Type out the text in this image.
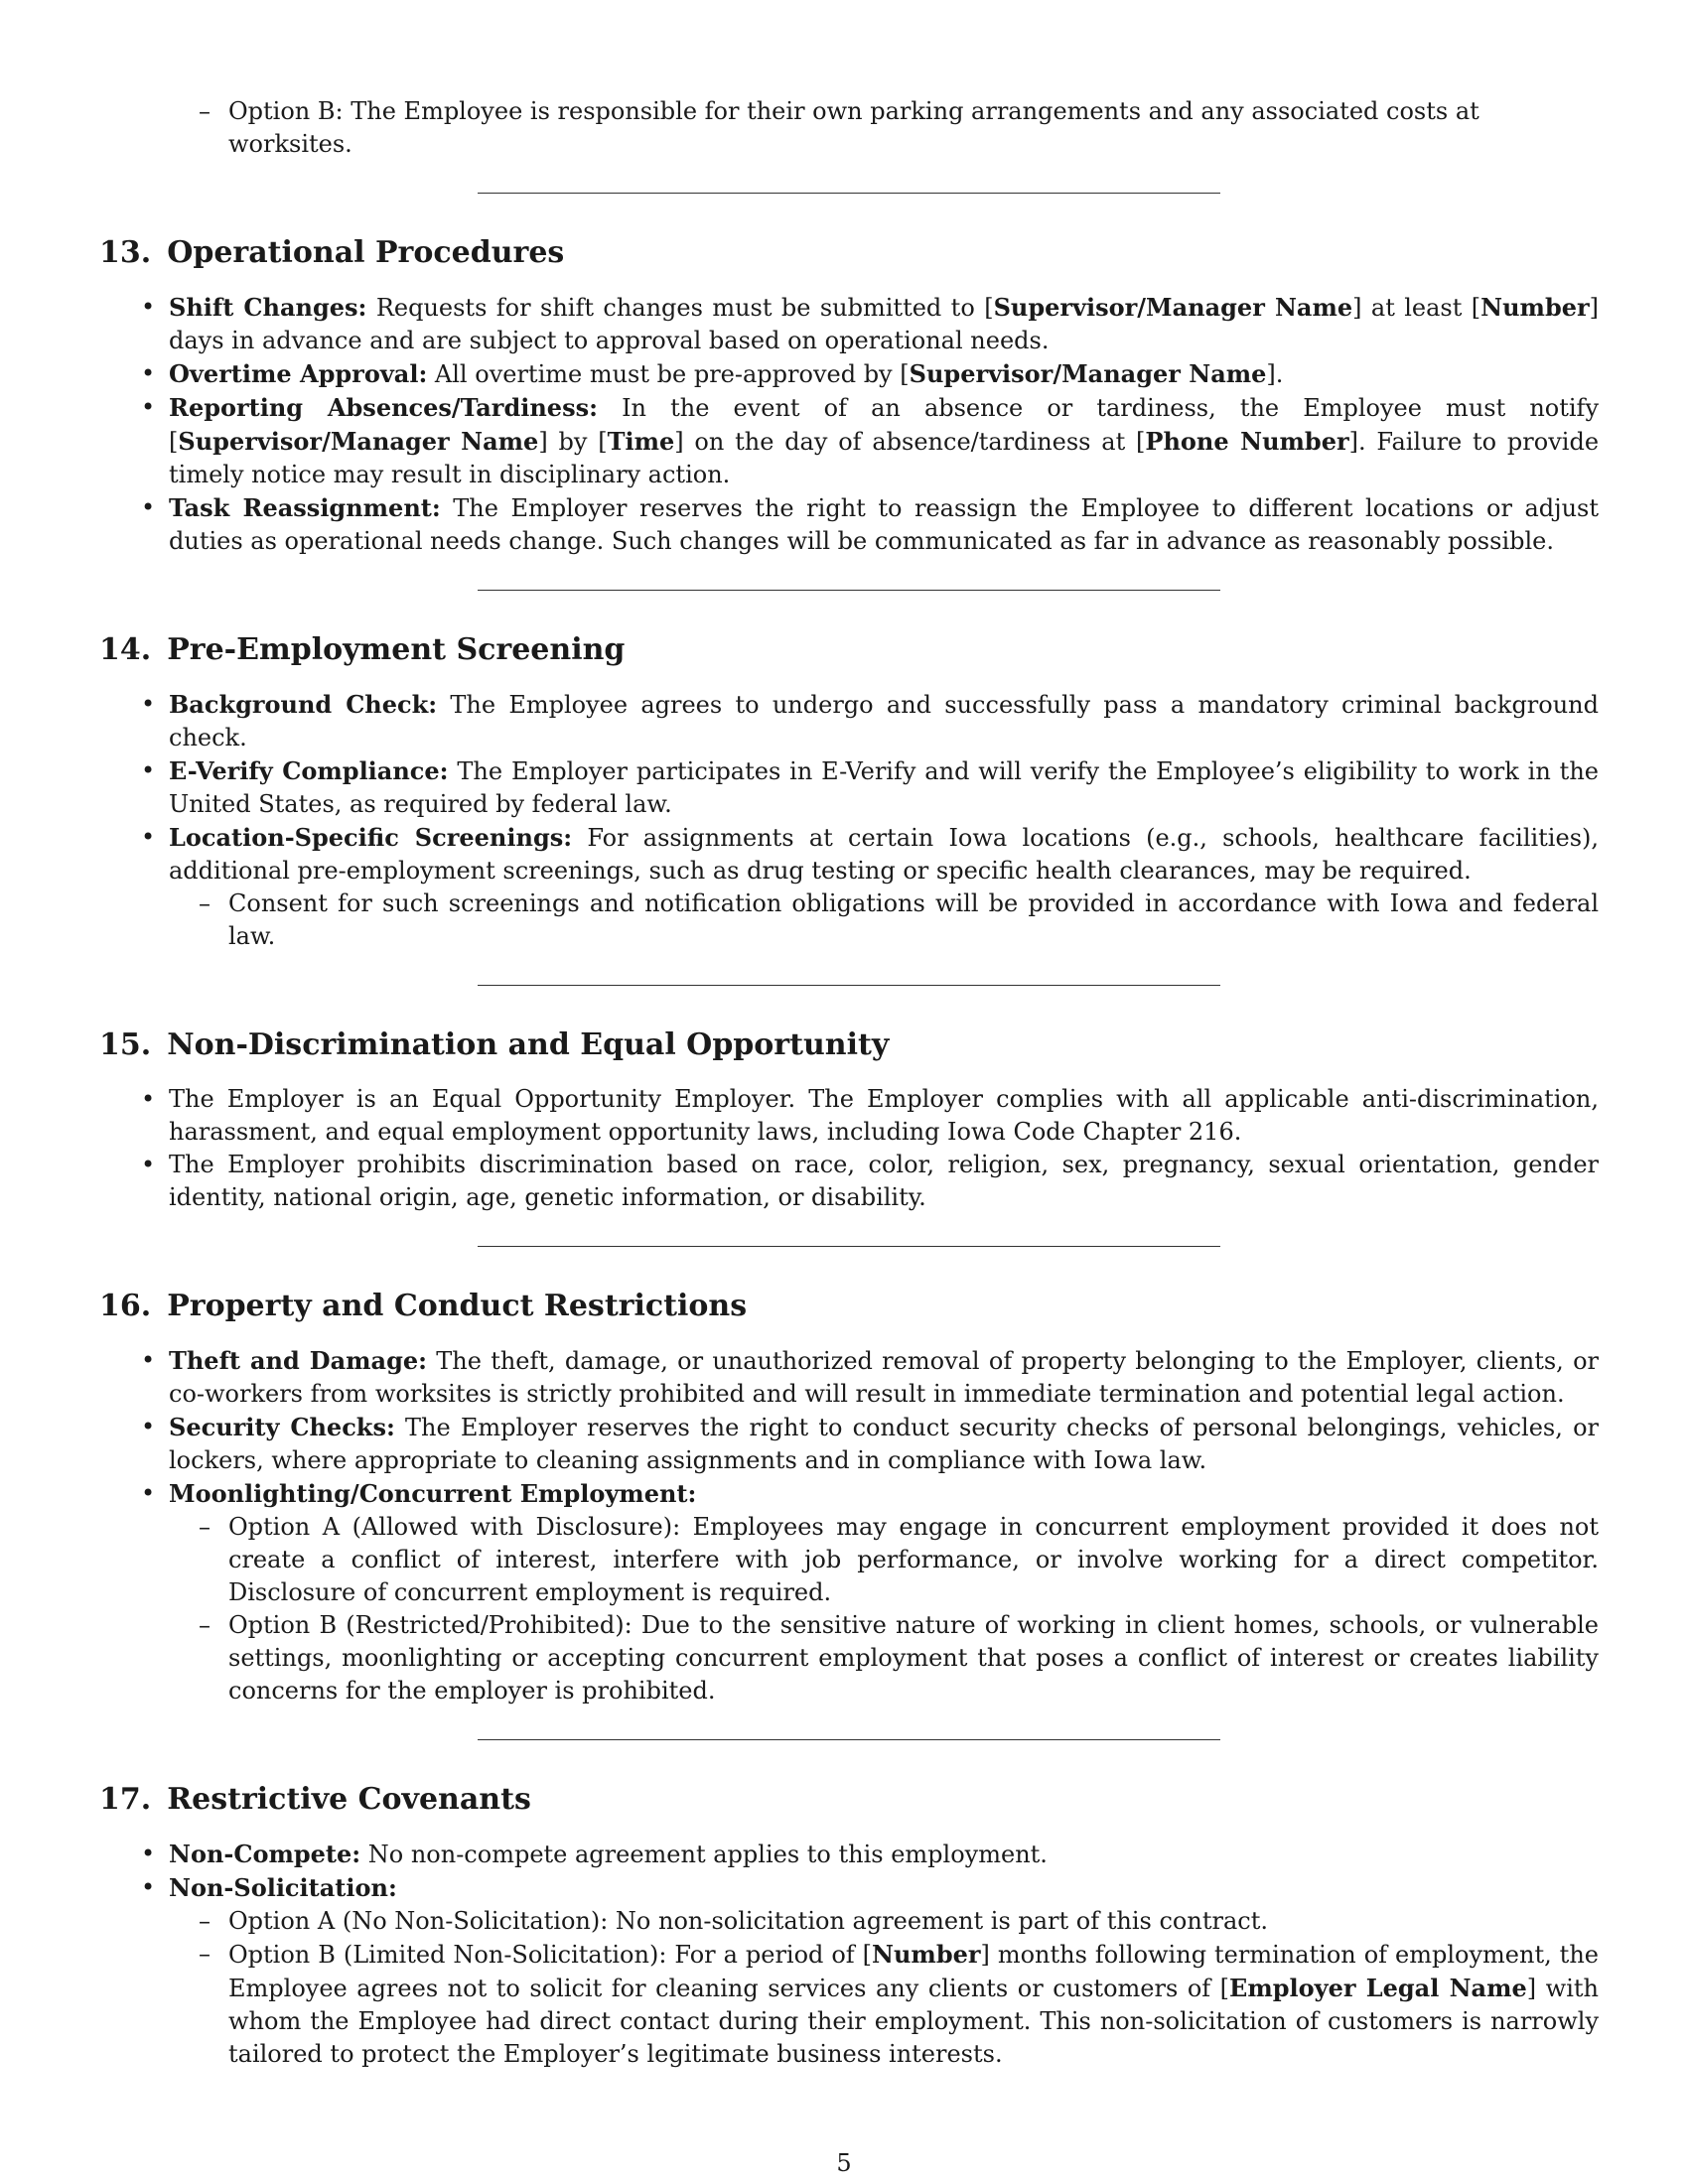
– Option B: The Employee is responsible for their own parking arrangements and any associated costs at worksites.
13. Operational Procedures
• Shift Changes: Requests for shift changes must be submitted to [Supervisor/Manager Name] at least [Number] days in advance and are subject to approval based on operational needs.
• Overtime Approval: All overtime must be pre-approved by [Supervisor/Manager Name].
• Reporting Absences/Tardiness: In the event of an absence or tardiness, the Employee must notify [Supervisor/Manager Name] by [Time] on the day of absence/tardiness at [Phone Number]. Failure to provide timely notice may result in disciplinary action.
• Task Reassignment: The Employer reserves the right to reassign the Employee to different locations or adjust duties as operational needs change. Such changes will be communicated as far in advance as reasonably possible.
14. Pre-Employment Screening
• Background Check: The Employee agrees to undergo and successfully pass a mandatory criminal background check.
• E-Verify Compliance: The Employer participates in E-Verify and will verify the Employee’s eligibility to work in the United States, as required by federal law.
• Location-Specific Screenings: For assignments at certain Iowa locations (e.g., schools, healthcare facilities), additional pre-employment screenings, such as drug testing or specific health clearances, may be required.
– Consent for such screenings and notification obligations will be provided in accordance with Iowa and federal law.
15. Non-Discrimination and Equal Opportunity
• The Employer is an Equal Opportunity Employer. The Employer complies with all applicable anti-discrimination, harassment, and equal employment opportunity laws, including Iowa Code Chapter 216.
• The Employer prohibits discrimination based on race, color, religion, sex, pregnancy, sexual orientation, gender identity, national origin, age, genetic information, or disability.
16. Property and Conduct Restrictions
• Theft and Damage: The theft, damage, or unauthorized removal of property belonging to the Employer, clients, or co-workers from worksites is strictly prohibited and will result in immediate termination and potential legal action.
• Security Checks: The Employer reserves the right to conduct security checks of personal belongings, vehicles, or lockers, where appropriate to cleaning assignments and in compliance with Iowa law.
• Moonlighting/Concurrent Employment:
– Option A (Allowed with Disclosure): Employees may engage in concurrent employment provided it does not create a conflict of interest, interfere with job performance, or involve working for a direct competitor. Disclosure of concurrent employment is required.
– Option B (Restricted/Prohibited): Due to the sensitive nature of working in client homes, schools, or vulnerable settings, moonlighting or accepting concurrent employment that poses a conflict of interest or creates liability concerns for the employer is prohibited.
17. Restrictive Covenants
• Non-Compete: No non-compete agreement applies to this employment.
• Non-Solicitation:
– Option A (No Non-Solicitation): No non-solicitation agreement is part of this contract.
– Option B (Limited Non-Solicitation): For a period of [Number] months following termination of employment, the Employee agrees not to solicit for cleaning services any clients or customers of [Employer Legal Name] with whom the Employee had direct contact during their employment. This non-solicitation of customers is narrowly tailored to protect the Employer’s legitimate business interests.
5
